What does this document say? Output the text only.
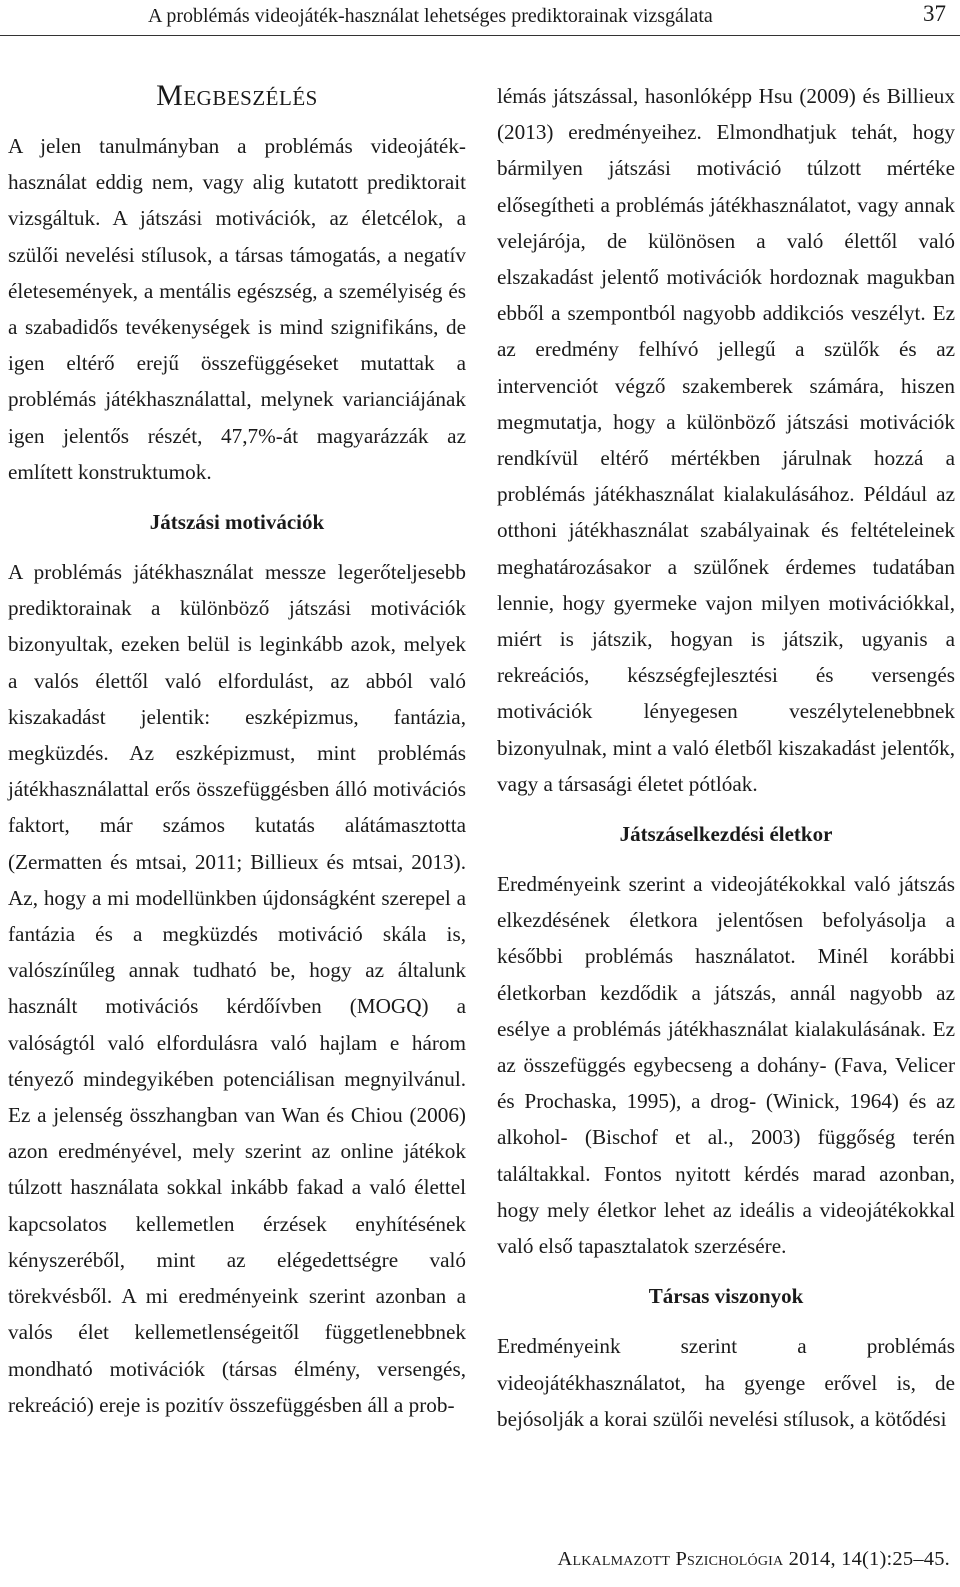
A problémás videojáték-használat lehetséges prediktorainak vizsgálata	37
Megbeszélés

A jelen tanulmányban a problémás videojáték-használat eddig nem, vagy alig kutatott prediktorait vizsgáltuk. A játszási motivációk, az életcélok, a szülői nevelési stílusok, a társas támogatás, a negatív életesemények, a mentális egészség, a személyiség és a szabadidős tevékenységek is mind szignifikáns, de igen eltérő erejű összefüggéseket mutattak a problémás játékhasználattal, melynek varianciájának igen jelentős részét, 47,7%-át magyarázzák az említett konstruktumok.

Játszási motivációk

A problémás játékhasználat messze legerőteljesebb prediktorainak a különböző játszási motivációk bizonyultak, ezeken belül is leginkább azok, melyek a valós élettől való elfordulást, az abból való kiszakadást jelentik: eszképizmus, fantázia, megküzdés. Az eszképizmust, mint problémás játékhasználattal erős összefüggésben álló motivációs faktort, már számos kutatás alátámasztotta (Zermatten és mtsai, 2011; Billieux és mtsai, 2013). Az, hogy a mi modellünkben újdonságként szerepel a fantázia és a megküzdés motiváció skála is, valószínűleg annak tudható be, hogy az általunk használt motivációs kérdőívben (MOGQ) a valóságtól való elfordulásra való hajlam e három tényező mindegyikében potenciálisan megnyilvánul. Ez a jelenség összhangban van Wan és Chiou (2006) azon eredményével, mely szerint az online játékok túlzott használata sokkal inkább fakad a való élettel kapcsolatos kellemetlen érzések enyhítésének kényszeréből, mint az elégedettségre való törekvésből. A mi eredményeink szerint azonban a valós élet kellemetlenségeitől függetlenebbnek mondható motivációk (társas élmény, versengés, rekreáció) ereje is pozitív összefüggésben áll a prob-

lémás játszással, hasonlóképp Hsu (2009) és Billieux (2013) eredményeihez. Elmondhatjuk tehát, hogy bármilyen játszási motiváció túlzott mértéke elősegítheti a problémás játékhasználatot, vagy annak velejárója, de különösen a való élettől való elszakadást jelentő motivációk hordoznak magukban ebből a szempontból nagyobb addikciós veszélyt. Ez az eredmény felhívó jellegű a szülők és az intervenciót végző szakemberek számára, hiszen megmutatja, hogy a különböző játszási motivációk rendkívül eltérő mértékben járulnak hozzá a problémás játékhasználat kialakulásához. Például az otthoni játékhasználat szabályainak és feltételeinek meghatározásakor a szülőnek érdemes tudatában lennie, hogy gyermeke vajon milyen motivációkkal, miért is játszik, hogyan is játszik, ugyanis a rekreációs, készségfejlesztési és versengés motivációk lényegesen veszélytelenebbnek bizonyulnak, mint a való életből kiszakadást jelentők, vagy a társasági életet pótlóak.

Játszáselkezdési életkor

Eredményeink szerint a videojátékokkal való játszás elkezdésének életkora jelentősen befolyásolja a későbbi problémás használatot. Minél korábbi életkorban kezdődik a játszás, annál nagyobb az esélye a problémás játékhasználat kialakulásának. Ez az összefüggés egybecseng a dohány- (Fava, Velicer és Prochaska, 1995), a drog- (Winick, 1964) és az alkohol- (Bischof et al., 2003) függőség terén találtakkal. Fontos nyitott kérdés marad azonban, hogy mely életkor lehet az ideális a videojátékokkal való első tapasztalatok szerzésére.

Társas viszonyok

Eredményeink szerint a problémás videojátékhasználatot, ha gyenge erővel is, de bejósolják a korai szülői nevelési stílusok, a kötődési

Alkalmazott Pszichológia 2014, 14(1):25–45.
